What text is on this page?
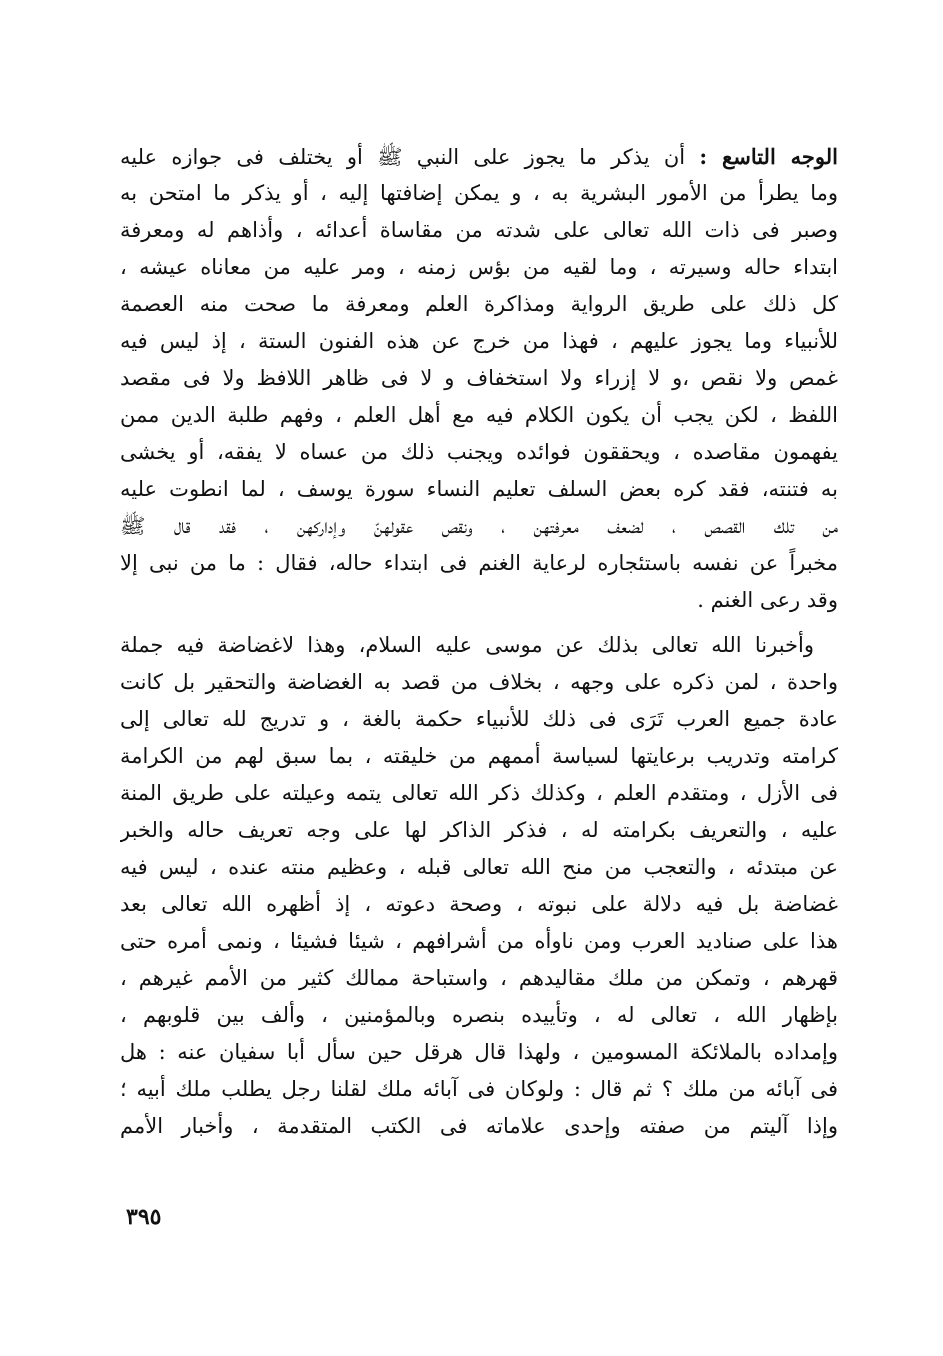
الوجه التاسع : أن يذكر ما يجوز على النبي ﷺ أو يختلف فى جوازه عليه
وما يطرأ من الأمور البشرية به ، و يمكن إضافتها إليه ، أو يذكر ما امتحن به
وصبر فى ذات الله تعالى على شدته من مقاساة أعدائه ، وأذاهم له ومعرفة
ابتداء حاله وسيرته ، وما لقيه من بؤس زمنه ، ومر عليه من معاناه عيشه ،
كل ذلك على طريق الرواية ومذاكرة العلم ومعرفة ما صحت منه العصمة
للأنبياء وما يجوز عليهم ، فهذا من خرج عن هذه الفنون الستة ، إذ ليس فيه
غمص ولا نقص ،و لا إزراء ولا استخفاف و لا فى ظاهر اللافظ ولا فى مقصد
اللفظ ، لكن يجب أن يكون الكلام فيه مع أهل العلم ، وفهم طلبة الدين ممن
يفهمون مقاصده ، ويحققون فوائده ويجنب ذلك من عساه لا يفقه، أو يخشى
به فتنته، فقد كره بعض السلف تعليم النساء سورة يوسف ، لما انطوت عليه
من تلك القصص ، لضعف معرفتهن ، ونقص عقولهنّ وإداركهن ، فقد قال ﷺ
مخبراً عن نفسه باستئجاره لرعاية الغنم فى ابتداء حاله، فقال : ما من نبى إلا
وقد رعى الغنم .
وأخبرنا الله تعالى بذلك عن موسى عليه السلام، وهذا لاغضاضة فيه جملة
واحدة ، لمن ذكره على وجهه ، بخلاف من قصد به الغضاضة والتحقير بل كانت
عادة جميع العرب تَرَى فى ذلك للأنبياء حكمة بالغة ، و تدريج لله تعالى إلى
كرامته وتدريب برعايتها لسياسة أممهم من خليقته ، بما سبق لهم من الكرامة
فى الأزل ، ومتقدم العلم ، وكذلك ذكر الله تعالى يتمه وعيلته على طريق المنة
عليه ، والتعريف بكرامته له ، فذكر الذاكر لها على وجه تعريف حاله والخبر
عن مبتدئه ، والتعجب من منح الله تعالى قبله ، وعظيم منته عنده ، ليس فيه
غضاضة بل فيه دلالة على نبوته ، وصحة دعوته ، إذ أظهره الله تعالى بعد
هذا على صناديد العرب ومن ناوأه من أشرافهم ، شيئا فشيئا ، ونمى أمره حتى
قهرهم ، وتمكن من ملك مقاليدهم ، واستباحة ممالك كثير من الأمم غيرهم ،
بإظهار الله ، تعالى له ، وتأييده بنصره وبالمؤمنين ، وألف بين قلوبهم ،
وإمداده بالملائكة المسومين ، ولهذا قال هرقل حين سأل أبا سفيان عنه : هل
فى آبائه من ملك ؟ ثم قال : ولوكان فى آبائه ملك لقلنا رجل يطلب ملك أبيه ؛
وإذا آليتم من صفته وإحدى علاماته فى الكتب المتقدمة ، وأخبار الأمم
٣٩٥
